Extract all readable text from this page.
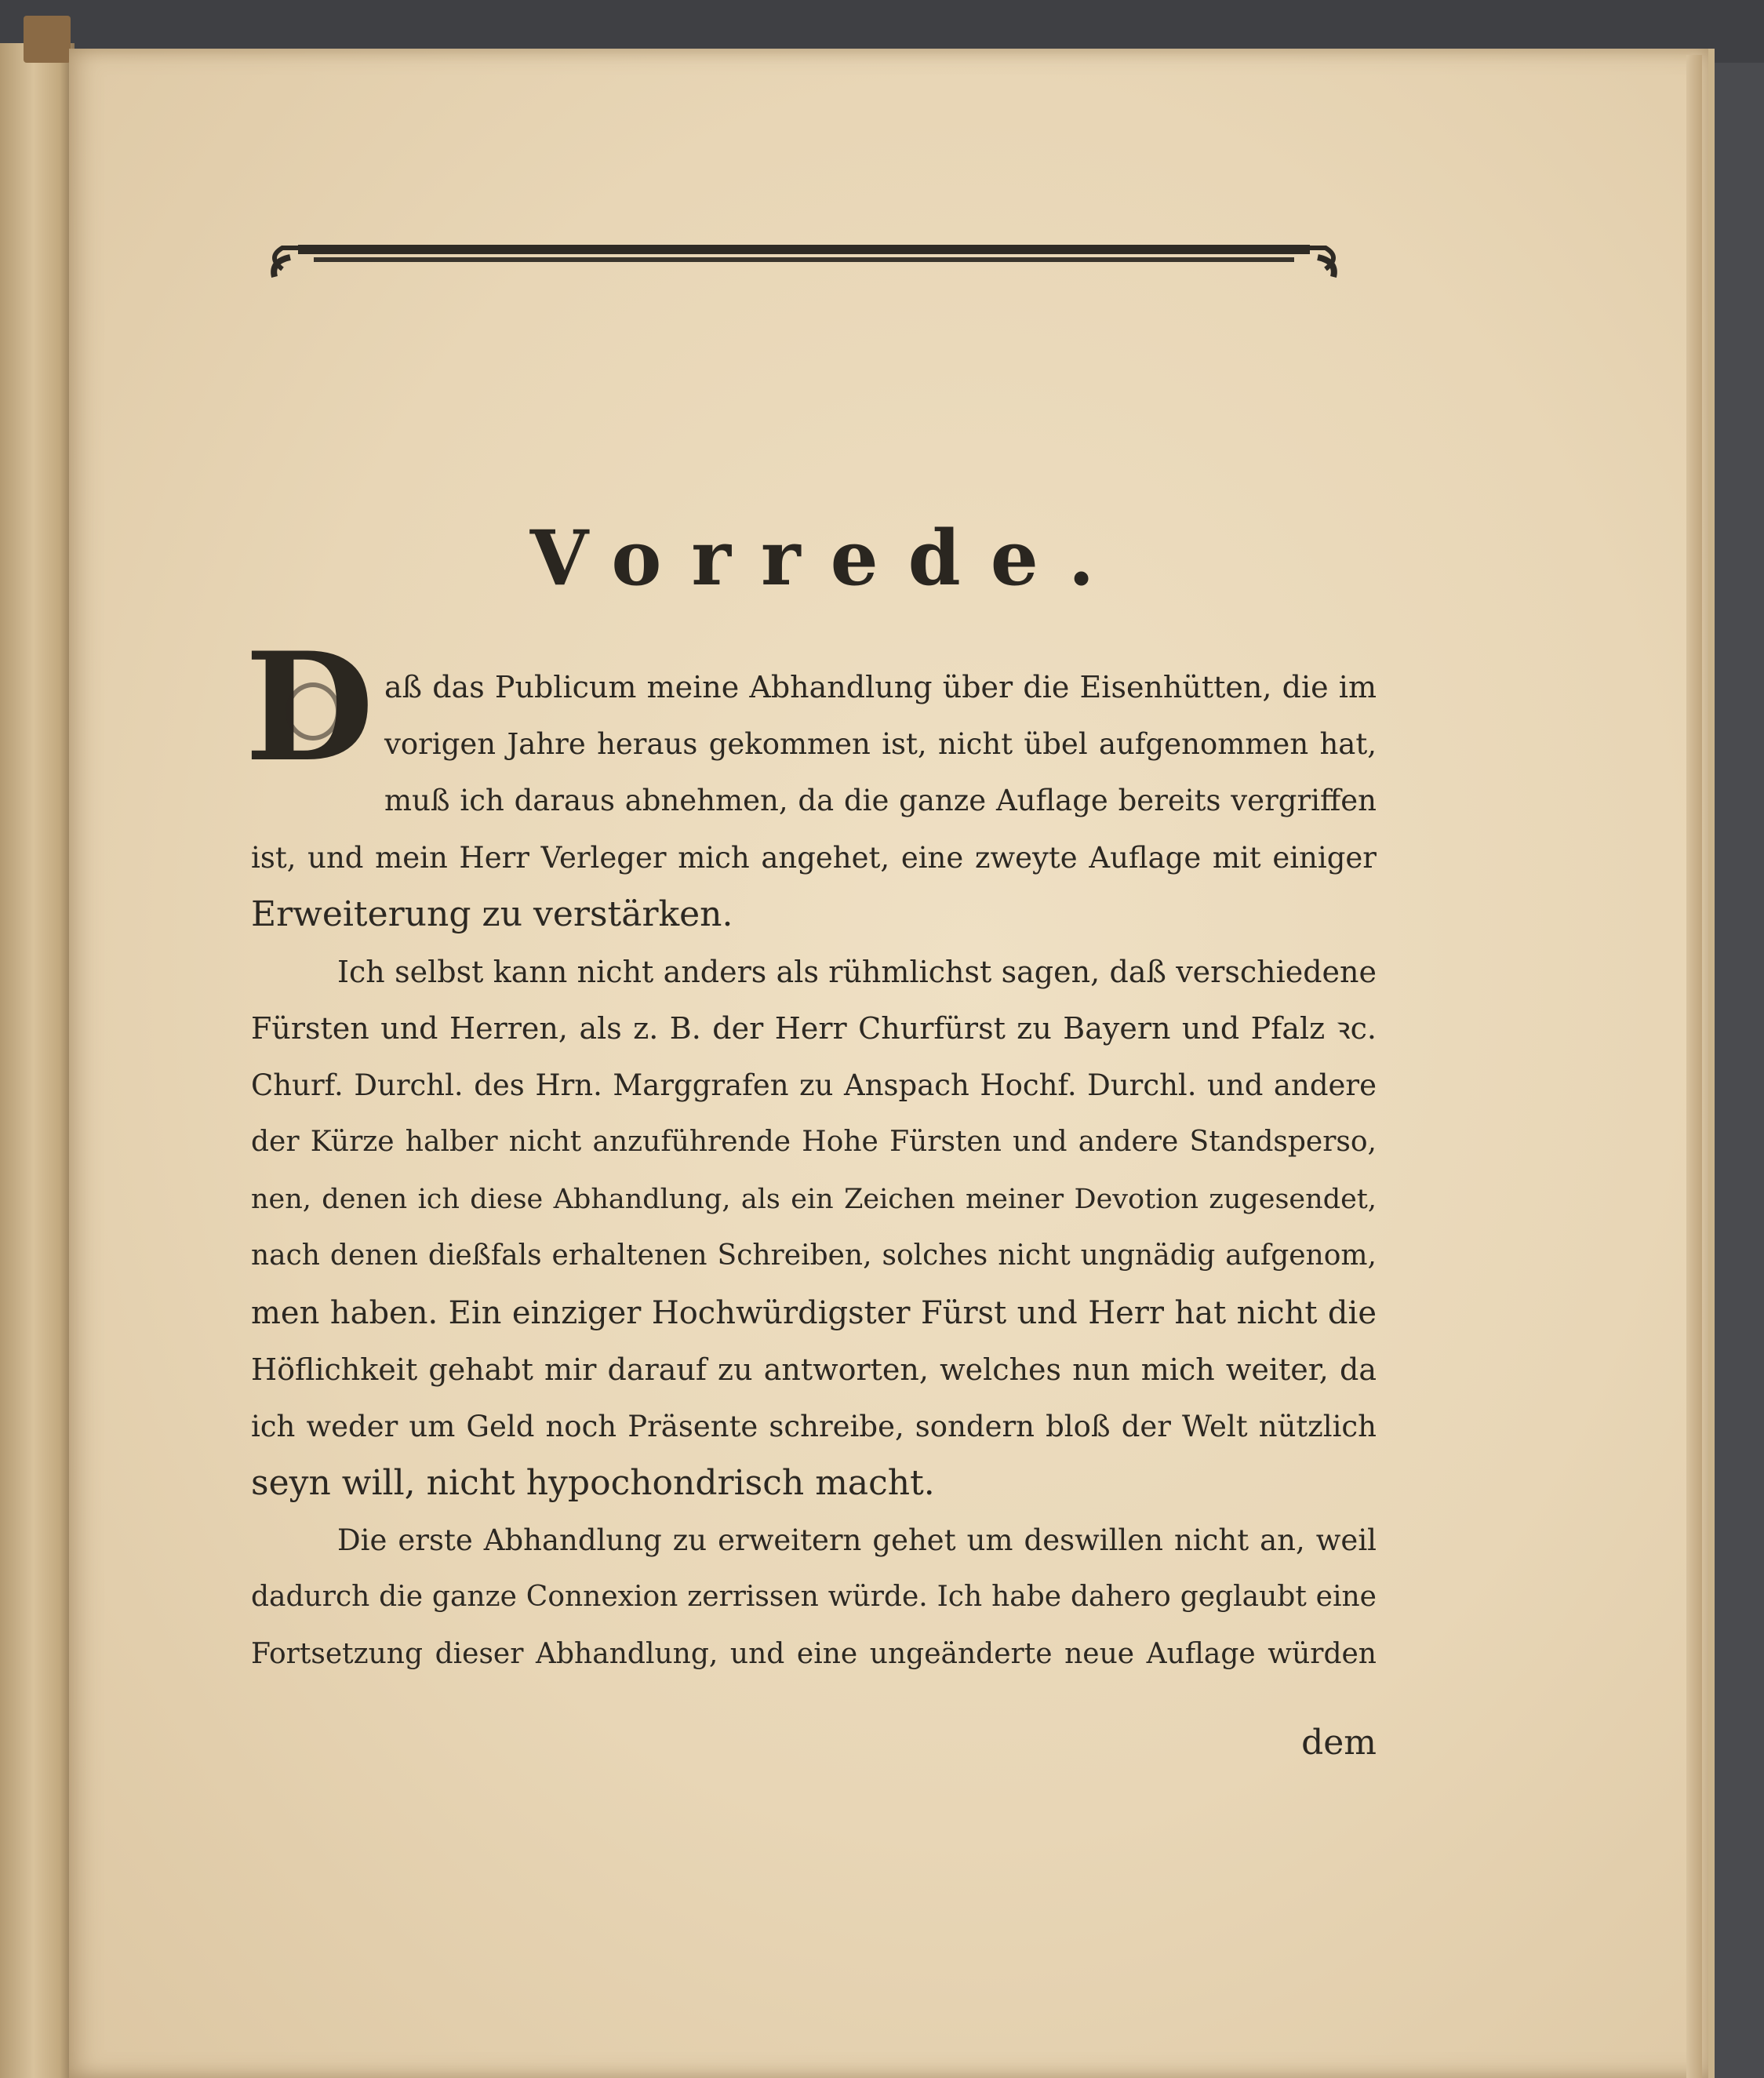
Vorrede.
D aß das Publicum meine Abhandlung über die Eisenhütten, die im
vorigen Jahre heraus gekommen ist, nicht übel aufgenommen hat,
muß ich daraus abnehmen, da die ganze Auflage bereits vergriffen
ist, und mein Herr Verleger mich angehet, eine zweyte Auflage mit einiger
Erweiterung zu verstärken.
Ich selbst kann nicht anders als rühmlichst sagen, daß verschiedene
Fürsten und Herren, als z. B. der Herr Churfürst zu Bayern und Pfalz ꝛc.
Churf. Durchl. des Hrn. Marggrafen zu Anspach Hochf. Durchl. und andere
der Kürze halber nicht anzuführende Hohe Fürsten und andere Standsperso,
nen, denen ich diese Abhandlung, als ein Zeichen meiner Devotion zugesendet,
nach denen dießfals erhaltenen Schreiben, solches nicht ungnädig aufgenom,
men haben. Ein einziger Hochwürdigster Fürst und Herr hat nicht die
Höflichkeit gehabt mir darauf zu antworten, welches nun mich weiter, da
ich weder um Geld noch Präsente schreibe, sondern bloß der Welt nützlich
seyn will, nicht hypochondrisch macht.
Die erste Abhandlung zu erweitern gehet um deswillen nicht an, weil
dadurch die ganze Connexion zerrissen würde. Ich habe dahero geglaubt eine
Fortsetzung dieser Abhandlung, und eine ungeänderte neue Auflage würden
dem
